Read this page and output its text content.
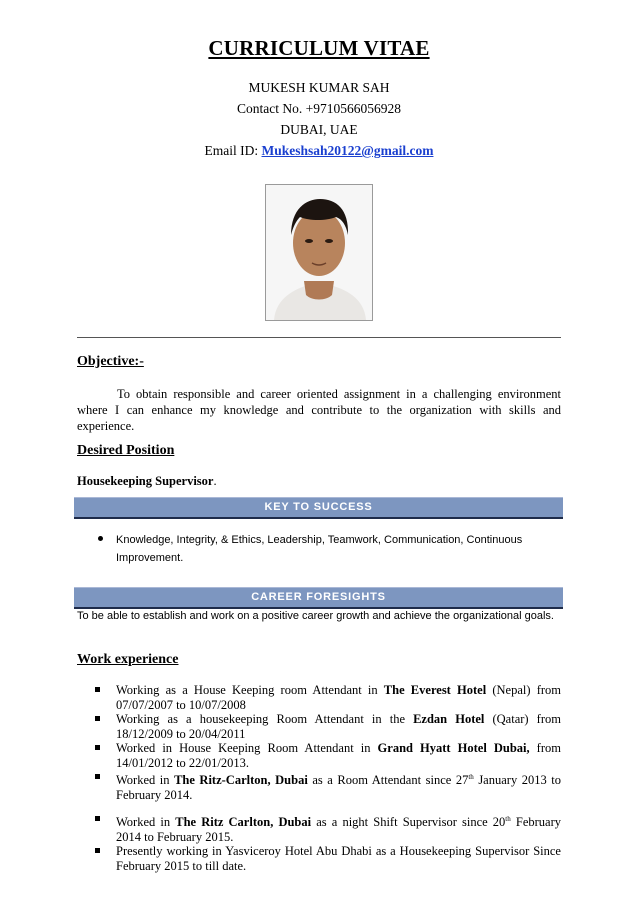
CURRICULUM VITAE
MUKESH KUMAR SAH
Contact No. +9710566056928
DUBAI, UAE
Email ID: Mukeshsah20122@gmail.com
Objective:-
To obtain responsible and career oriented assignment in a challenging environment where I can enhance my knowledge and contribute to the organization with skills and experience.
Desired Position
Housekeeping Supervisor.
KEY TO SUCCESS
Knowledge, Integrity, & Ethics, Leadership, Teamwork, Communication, Continuous Improvement.
CAREER FORESIGHTS
To be able to establish and work on a positive career growth and achieve the organizational goals.
Work experience
Working as a House Keeping room Attendant in The Everest Hotel (Nepal) from 07/07/2007 to 10/07/2008
Working as a housekeeping Room Attendant in the Ezdan Hotel (Qatar) from 18/12/2009 to 20/04/2011
Worked in House Keeping Room Attendant in Grand Hyatt Hotel Dubai, from 14/01/2012 to 22/01/2013.
Worked in The Ritz-Carlton, Dubai as a Room Attendant since 27th January 2013 to February 2014.
Worked in The Ritz Carlton, Dubai as a night Shift Supervisor since 20th February 2014 to February 2015.
Presently working in Yasviceroy Hotel Abu Dhabi as a Housekeeping Supervisor Since February 2015 to till date.
